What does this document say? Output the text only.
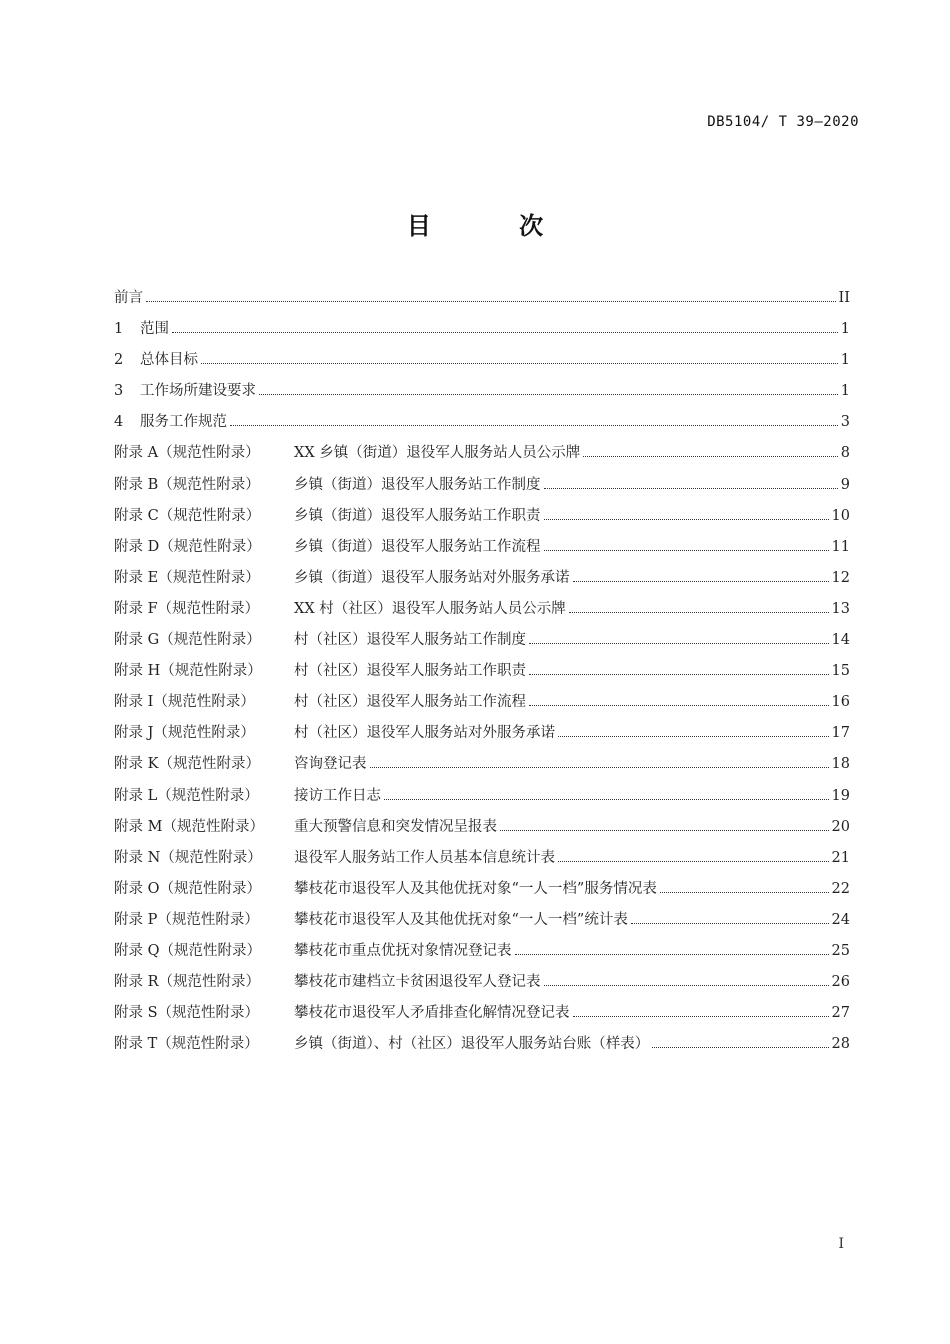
DB5104/ T 39—2020
目 次
前言	II
1 范围	1
2 总体目标	1
3 工作场所建设要求	1
4 服务工作规范	3
附录 A（规范性附录） XX 乡镇（街道）退役军人服务站人员公示牌	8
附录 B（规范性附录） 乡镇（街道）退役军人服务站工作制度	9
附录 C（规范性附录） 乡镇（街道）退役军人服务站工作职责	10
附录 D（规范性附录） 乡镇（街道）退役军人服务站工作流程	11
附录 E（规范性附录） 乡镇（街道）退役军人服务站对外服务承诺	12
附录 F（规范性附录） XX 村（社区）退役军人服务站人员公示牌	13
附录 G（规范性附录） 村（社区）退役军人服务站工作制度	14
附录 H（规范性附录） 村（社区）退役军人服务站工作职责	15
附录 I（规范性附录）	村（社区）退役军人服务站工作流程	16
附录 J（规范性附录）	村（社区）退役军人服务站对外服务承诺	17
附录 K（规范性附录） 咨询登记表	18
附录 L（规范性附录） 接访工作日志	19
附录 M（规范性附录） 重大预警信息和突发情况呈报表	20
附录 N（规范性附录） 退役军人服务站工作人员基本信息统计表	21
附录 O（规范性附录） 攀枝花市退役军人及其他优抚对象“一人一档”服务情况表	22
附录 P（规范性附录） 攀枝花市退役军人及其他优抚对象“一人一档”统计表	24
附录 Q（规范性附录） 攀枝花市重点优抚对象情况登记表	25
附录 R（规范性附录） 攀枝花市建档立卡贫困退役军人登记表	26
附录 S（规范性附录） 攀枝花市退役军人矛盾排查化解情况登记表	27
附录 T（规范性附录） 乡镇（街道）、村（社区）退役军人服务站台账（样表）	28
I
